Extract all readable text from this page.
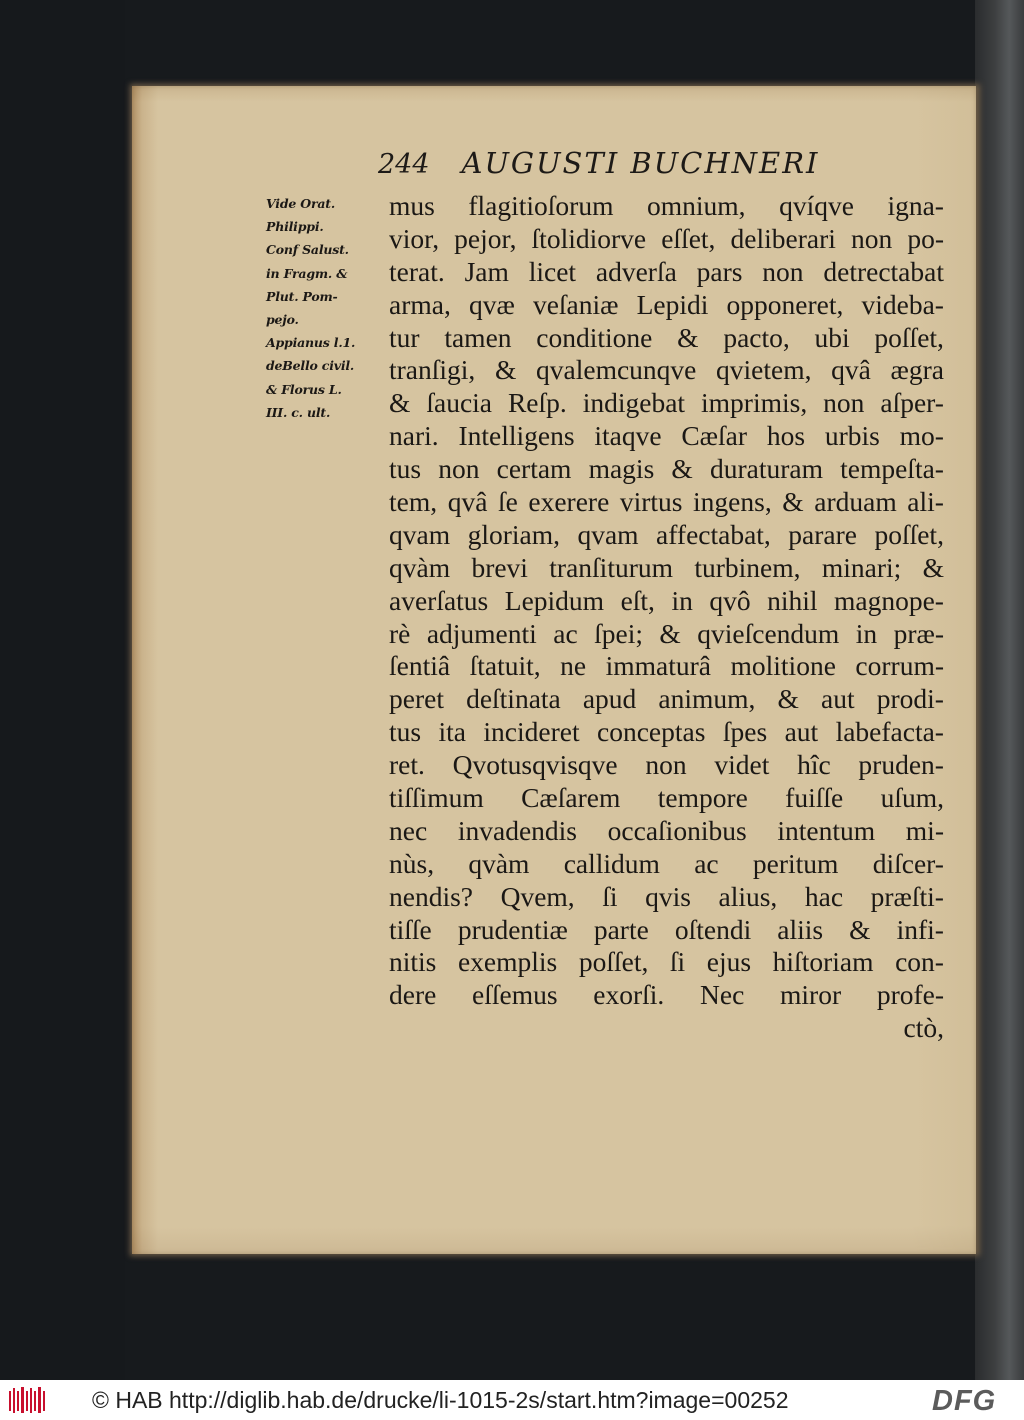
244 AUGUSTI BUCHNERI
Vide Orat.
Philippi.
Conf Salust.
in Fragm. &
Plut. Pom-
pejo.
Appianus l.1.
deBello civil.
& Florus L.
III. c. ult.
mus flagitioſorum omnium, qvíqve igna-
vior, pejor, ſtolidiorve eſſet, deliberari non po-
terat. Jam licet adverſa pars non detrectabat
arma, qvæ veſaniæ Lepidi opponeret, videba-
tur tamen conditione & pacto, ubi poſſet,
tranſigi, & qvalemcunqve qvietem, qvâ ægra
& ſaucia Reſp. indigebat imprimis, non aſper-
nari. Intelligens itaqve Cæſar hos urbis mo-
tus non certam magis & duraturam tempeſta-
tem, qvâ ſe exerere virtus ingens, & arduam ali-
qvam gloriam, qvam affectabat, parare poſſet,
qvàm brevi tranſiturum turbinem, minari; &
averſatus Lepidum eſt, in qvô nihil magnope-
rè adjumenti ac ſpei; & qvieſcendum in præ-
ſentiâ ſtatuit, ne immaturâ molitione corrum-
peret deſtinata apud animum, & aut prodi-
tus ita incideret conceptas ſpes aut labefacta-
ret. Qvotusqvisqve non videt hîc pruden-
tiſſimum Cæſarem tempore fuiſſe uſum,
nec invadendis occaſionibus intentum mi-
nùs, qvàm callidum ac peritum diſcer-
nendis? Qvem, ſi qvis alius, hac præſti-
tiſſe prudentiæ parte oſtendi aliis & infi-
nitis exemplis poſſet, ſi ejus hiſtoriam con-
dere eſſemus exorſi. Nec miror profe-
ctò,
© HAB http://diglib.hab.de/drucke/li-1015-2s/start.htm?image=00252	DFG
